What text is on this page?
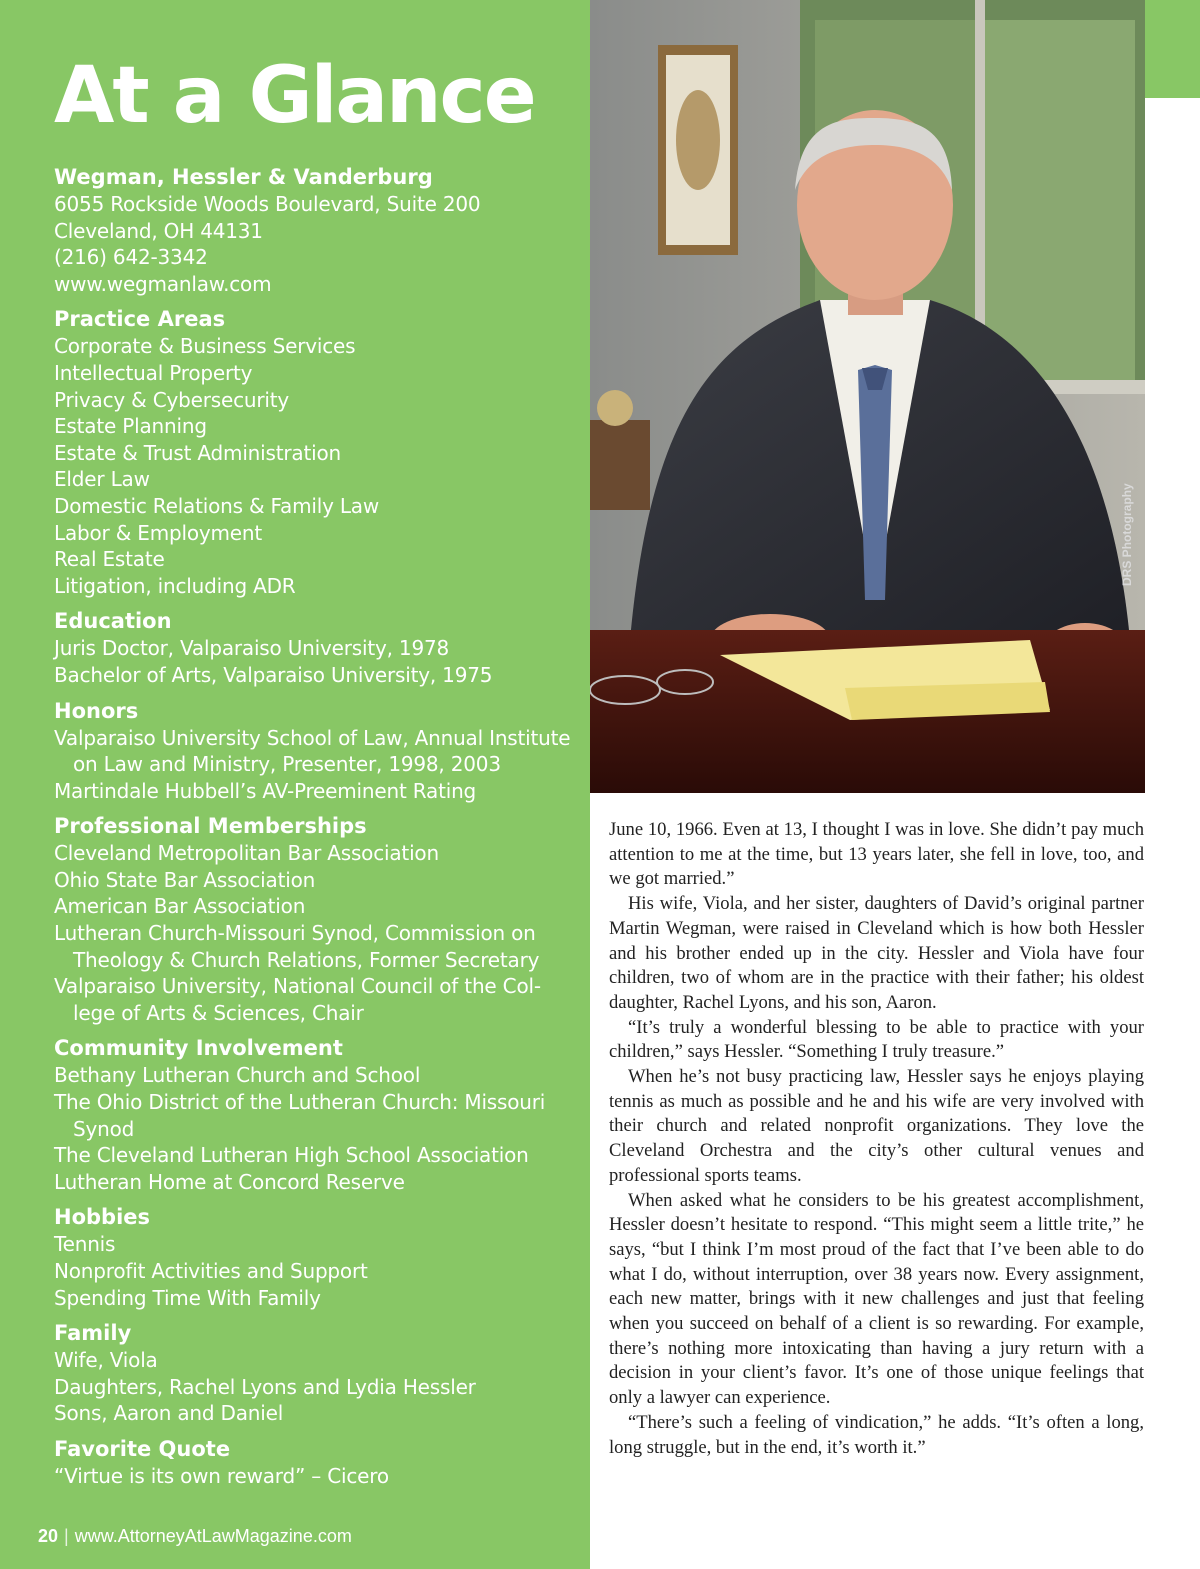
At a Glance
Wegman, Hessler & Vanderburg
6055 Rockside Woods Boulevard, Suite 200
Cleveland, OH 44131
(216) 642-3342
www.wegmanlaw.com
Practice Areas
Corporate & Business Services
Intellectual Property
Privacy & Cybersecurity
Estate Planning
Estate & Trust Administration
Elder Law
Domestic Relations & Family Law
Labor & Employment
Real Estate
Litigation, including ADR
Education
Juris Doctor, Valparaiso University, 1978
Bachelor of Arts, Valparaiso University, 1975
Honors
Valparaiso University School of Law, Annual Institute
on Law and Ministry, Presenter, 1998, 2003
Martindale Hubbell’s AV-Preeminent Rating
Professional Memberships
Cleveland Metropolitan Bar Association
Ohio State Bar Association
American Bar Association
Lutheran Church-Missouri Synod, Commission on
Theology & Church Relations, Former Secretary
Valparaiso University, National Council of the Col-
lege of Arts & Sciences, Chair
Community Involvement
Bethany Lutheran Church and School
The Ohio District of the Lutheran Church: Missouri
Synod
The Cleveland Lutheran High School Association
Lutheran Home at Concord Reserve
Hobbies
Tennis
Nonprofit Activities and Support
Spending Time With Family
Family
Wife, Viola
Daughters, Rachel Lyons and Lydia Hessler
Sons, Aaron and Daniel
Favorite Quote
“Virtue is its own reward” – Cicero
20 | www.AttorneyAtLawMagazine.com
DRS Photography

June 10, 1966. Even at 13, I thought I was in love. She didn’t pay much attention to me at the time, but 13 years later, she fell in love, too, and we got married.”

His wife, Viola, and her sister, daughters of David’s original partner Martin Wegman, were raised in Cleveland which is how both Hessler and his brother ended up in the city. Hessler and Viola have four children, two of whom are in the practice with their father; his oldest daughter, Rachel Lyons, and his son, Aaron.

“It’s truly a wonderful blessing to be able to practice with your children,” says Hessler. “Something I truly treasure.”

When he’s not busy practicing law, Hessler says he enjoys playing tennis as much as possible and he and his wife are very involved with their church and related nonprofit organizations. They love the Cleveland Orchestra and the city’s other cultural venues and professional sports teams.

When asked what he considers to be his greatest accomplishment, Hessler doesn’t hesitate to respond. “This might seem a little trite,” he says, “but I think I’m most proud of the fact that I’ve been able to do what I do, without interruption, over 38 years now. Every assignment, each new matter, brings with it new challenges and just that feeling when you succeed on behalf of a client is so rewarding. For example, there’s nothing more intoxicating than having a jury return with a decision in your client’s favor. It’s one of those unique feelings that only a lawyer can experience.

“There’s such a feeling of vindication,” he adds. “It’s often a long, long struggle, but in the end, it’s worth it.”
